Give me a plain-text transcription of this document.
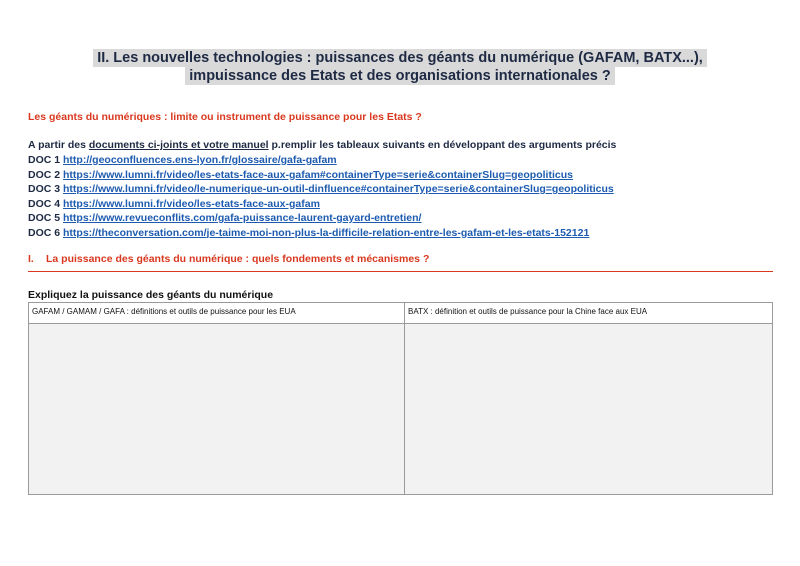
II. Les nouvelles technologies : puissances des géants du numérique (GAFAM, BATX...),
impuissance des Etats et des organisations internationales ?
Les géants du numériques : limite ou instrument de puissance pour les Etats ?
A partir des documents ci-joints et votre manuel p.remplir les tableaux suivants en développant des arguments précis
DOC 1 http://geoconfluences.ens-lyon.fr/glossaire/gafa-gafam
DOC 2 https://www.lumni.fr/video/les-etats-face-aux-gafam#containerType=serie&containerSlug=geopoliticus
DOC 3 https://www.lumni.fr/video/le-numerique-un-outil-dinfluence#containerType=serie&containerSlug=geopoliticus
DOC 4 https://www.lumni.fr/video/les-etats-face-aux-gafam
DOC 5 https://www.revueconflits.com/gafa-puissance-laurent-gayard-entretien/
DOC 6 https://theconversation.com/je-taime-moi-non-plus-la-difficile-relation-entre-les-gafam-et-les-etats-152121
I. La puissance des géants du numérique : quels fondements et mécanismes ?
Expliquez la puissance des géants du numérique
GAFAM / GAMAM / GAFA : définitions et outils de puissance pour les EUA	BATX : définition et outils de puissance pour la Chine face aux EUA
